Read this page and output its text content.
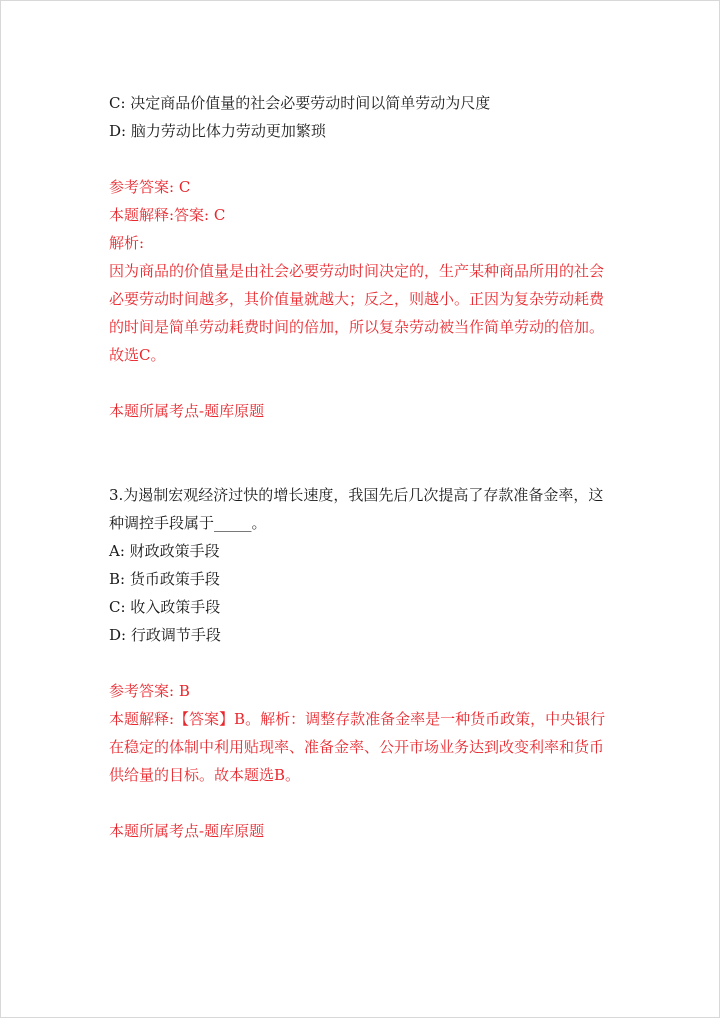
C: 决定商品价值量的社会必要劳动时间以简单劳动为尺度

D: 脑力劳动比体力劳动更加繁琐

参考答案: C

本题解释:答案: C

解析:

因为商品的价值量是由社会必要劳动时间决定的，生产某种商品所用的社会必要劳动时间越多，其价值量就越大；反之，则越小。正因为复杂劳动耗费的时间是简单劳动耗费时间的倍加，所以复杂劳动被当作简单劳动的倍加。故选C。

本题所属考点-题库原题

3.为遏制宏观经济过快的增长速度，我国先后几次提高了存款准备金率，这种调控手段属于_____。

A: 财政政策手段

B: 货币政策手段

C: 收入政策手段

D: 行政调节手段

参考答案: B

本题解释:【答案】B。解析：调整存款准备金率是一种货币政策，中央银行在稳定的体制中利用贴现率、准备金率、公开市场业务达到改变利率和货币供给量的目标。故本题选B。

本题所属考点-题库原题
